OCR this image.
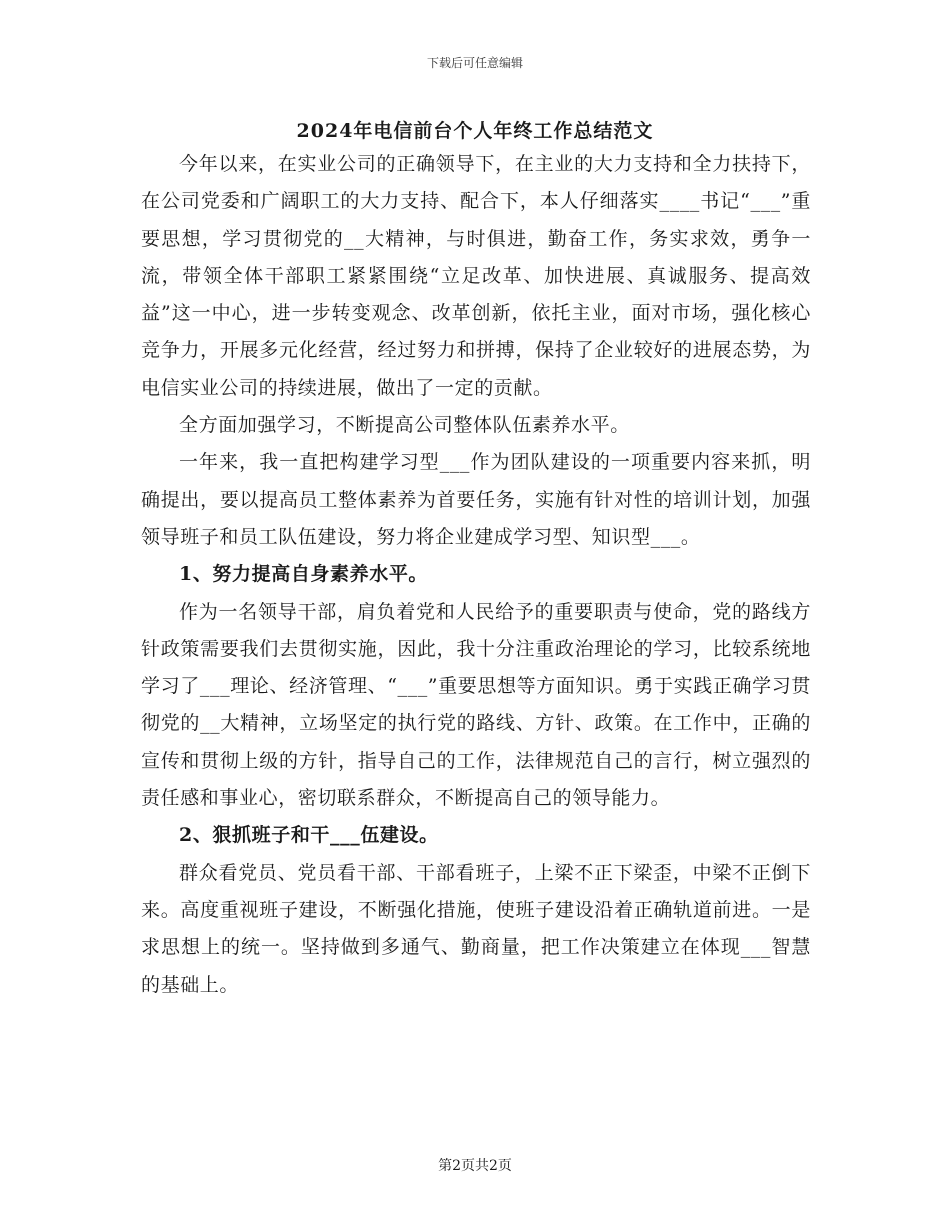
下载后可任意编辑
2024年电信前台个人年终工作总结范文

今年以来，在实业公司的正确领导下，在主业的大力支持和全力扶持下，在公司党委和广阔职工的大力支持、配合下，本人仔细落实____书记“___”重要思想，学习贯彻党的__大精神，与时俱进，勤奋工作，务实求效，勇争一流，带领全体干部职工紧紧围绕“立足改革、加快进展、真诚服务、提高效益”这一中心，进一步转变观念、改革创新，依托主业，面对市场，强化核心竞争力，开展多元化经营，经过努力和拼搏，保持了企业较好的进展态势，为电信实业公司的持续进展，做出了一定的贡献。

全方面加强学习，不断提高公司整体队伍素养水平。

一年来，我一直把构建学习型___作为团队建设的一项重要内容来抓，明确提出，要以提高员工整体素养为首要任务，实施有针对性的培训计划，加强领导班子和员工队伍建设，努力将企业建成学习型、知识型___。

1、努力提高自身素养水平。

作为一名领导干部，肩负着党和人民给予的重要职责与使命，党的路线方针政策需要我们去贯彻实施，因此，我十分注重政治理论的学习，比较系统地学习了___理论、经济管理、“___”重要思想等方面知识。勇于实践正确学习贯彻党的__大精神，立场坚定的执行党的路线、方针、政策。在工作中，正确的宣传和贯彻上级的方针，指导自己的工作，法律规范自己的言行，树立强烈的责任感和事业心，密切联系群众，不断提高自己的领导能力。

2、狠抓班子和干___伍建设。

群众看党员、党员看干部、干部看班子，上梁不正下梁歪，中梁不正倒下来。高度重视班子建设，不断强化措施，使班子建设沿着正确轨道前进。一是求思想上的统一。坚持做到多通气、勤商量，把工作决策建立在体现___智慧的基础上。

第2页共2页
